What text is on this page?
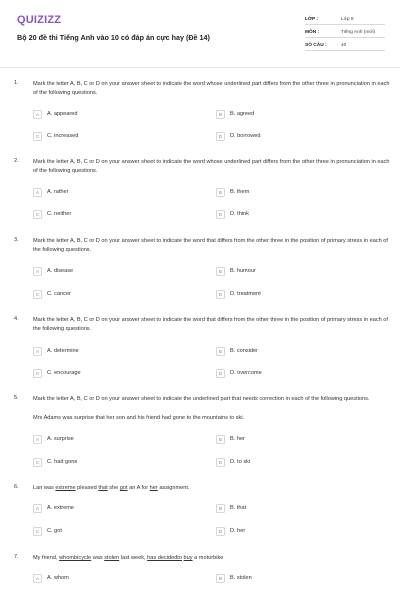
QUIZIZZ
Bộ 20 đề thi Tiếng Anh vào 10 có đáp án cực hay (Đề 14)
LỚP :	Lớp 9
MÔN :	Tiếng Anh (mới)
SỐ CÂU :	40
1.	Mark the letter A, B, C or D on your answer sheet to indicate the word whose underlined part differs from the other three in pronunciation in each of the following questions.
A	A. appeared	B	B. agreed
C	C. increased	D	D. borrowed
2.	Mark the letter A, B, C or D on your answer sheet to indicate the word whose underlined part differs from the other three in pronunciation in each of the following questions.
A	A. rather	B	B. them
C	C. neither	D	D. think
3.	Mark the letter A, B, C or D on your answer sheet to indicate the word that differs from the other three in the position of primary stress in each of the following questions.
A	A. disease	B	B. humour
C	C. cancer	D	D. treatment
4.	Mark the letter A, B, C or D on your answer sheet to indicate the word that differs from the other three in the position of primary stress in each of the following questions.
A	A. determine	B	B. consider
C	C. encourage	D	D. overcome
5.	Mark the letter A, B, C or D on your answer sheet to indicate the underlined part that needs correction in each of the following questions.
Mrs Adams was surprise that her son and his friend had gone to the mountains to ski.
A	A. surprise	B	B. her
C	C. had gone	D	D. to ski
6.	Lan was extreme pleased that she got an A for her assignment.
A	A. extreme	B	B. that
C	C. got	D	D. her
7.	My friend, whombicycle was stolen last week, has decidedto buy a motorbike
A	A. whom	B	B. stolen
